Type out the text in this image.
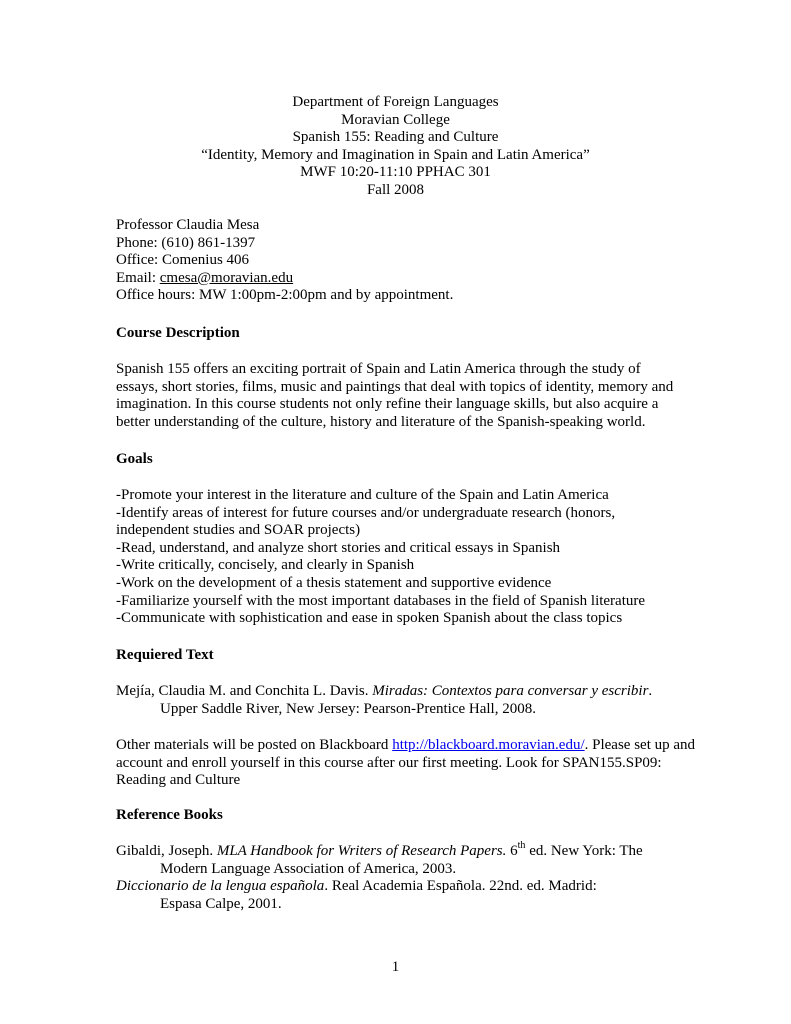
Department of Foreign Languages
Moravian College
Spanish 155: Reading and Culture
“Identity, Memory and Imagination in Spain and Latin America”
MWF 10:20-11:10 PPHAC 301
Fall 2008
Professor Claudia Mesa
Phone: (610) 861-1397
Office: Comenius 406
Email: cmesa@moravian.edu
Office hours: MW 1:00pm-2:00pm and by appointment.
Course Description
Spanish 155 offers an exciting portrait of Spain and Latin America through the study of essays, short stories, films, music and paintings that deal with topics of identity, memory and imagination. In this course students not only refine their language skills, but also acquire a better understanding of the culture, history and literature of the Spanish-speaking world.
Goals
-Promote your interest in the literature and culture of the Spain and Latin America
-Identify areas of interest for future courses and/or undergraduate research (honors, independent studies and SOAR projects)
-Read, understand, and analyze short stories and critical essays in Spanish
-Write critically, concisely, and clearly in Spanish
-Work on the development of a thesis statement and supportive evidence
-Familiarize yourself with the most important databases in the field of Spanish literature
-Communicate with sophistication and ease in spoken Spanish about the class topics
Requiered Text
Mejía, Claudia M. and Conchita L. Davis. Miradas: Contextos para conversar y escribir.
Upper Saddle River, New Jersey: Pearson-Prentice Hall, 2008.
Other materials will be posted on Blackboard http://blackboard.moravian.edu/. Please set up and account and enroll yourself in this course after our first meeting. Look for SPAN155.SP09: Reading and Culture
Reference Books
Gibaldi, Joseph. MLA Handbook for Writers of Research Papers. 6th ed. New York: The
Modern Language Association of America, 2003.
Diccionario de la lengua española. Real Academia Española. 22nd. ed. Madrid:
Espasa Calpe, 2001.
1
